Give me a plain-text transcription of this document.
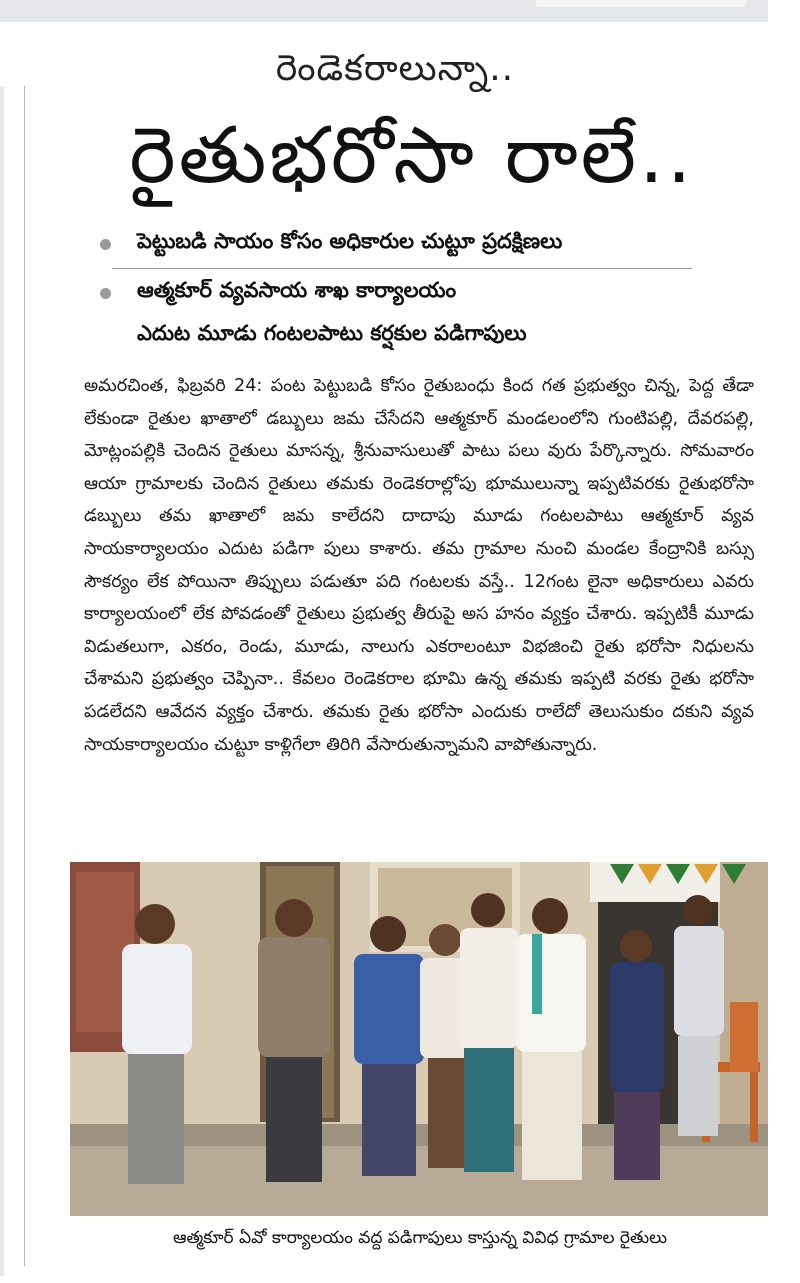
రెండెకరాలున్నా..
రైతుభరోసా రాలే..
పెట్టుబడి సాయం కోసం అధికారుల చుట్టూ ప్రదక్షిణలు
ఆత్మకూర్ వ్యవసాయ శాఖ కార్యాలయం
ఎదుట మూడు గంటలపాటు కర్షకుల పడిగాపులు
అమరచింత, ఫిబ్రవరి 24: పంట పెట్టుబడి కోసం రైతుబంధు కింద గత ప్రభుత్వం చిన్న, పెద్ద తేడా లేకుండా రైతుల ఖాతాలో డబ్బులు జమ చేసేదని ఆత్మకూర్ మండలంలోని గుంటిపల్లి, దేవరపల్లి, మోట్లంపల్లికి చెందిన రైతులు మాసన్న, శ్రీనువాసులుతో పాటు పలు వురు పేర్కొన్నారు. సోమవారం ఆయా గ్రామాలకు చెందిన రైతులు తమకు రెండెకరాల్లోపు భూములున్నా ఇప్పటివరకు రైతుభరోసా డబ్బులు తమ ఖాతాలో జమ కాలేదని దాదాపు మూడు గంటలపాటు ఆత్మకూర్ వ్యవ సాయకార్యాలయం ఎదుట పడిగా పులు కాశారు. తమ గ్రామాల నుంచి మండల కేంద్రానికి బస్సు సౌకర్యం లేక పోయినా తిప్పులు పడుతూ పది గంటలకు వస్తే.. 12గంట లైనా అధికారులు ఎవరు కార్యాలయంలో లేక పోవడంతో రైతులు ప్రభుత్వ తీరుపై అస హనం వ్యక్తం చేశారు. ఇప్పటికీ మూడు విడుతలుగా, ఎకరం, రెండు, మూడు, నాలుగు ఎకరాలంటూ విభజించి రైతు భరోసా నిధులను చేశామని ప్రభుత్వం చెప్పినా.. కేవలం రెండెకరాల భూమి ఉన్న తమకు ఇప్పటి వరకు రైతు భరోసా పడలేదని ఆవేదన వ్యక్తం చేశారు. తమకు రైతు భరోసా ఎందుకు రాలేదో తెలుసుకుం దకుని వ్యవ సాయకార్యాలయం చుట్టూ కాళ్లిగేలా తిరిగి వేసారుతున్నామని వాపోతున్నారు.
ఆత్మకూర్ ఏవో కార్యాలయం వద్ద పడిగాపులు కాస్తున్న వివిధ గ్రామాల రైతులు
